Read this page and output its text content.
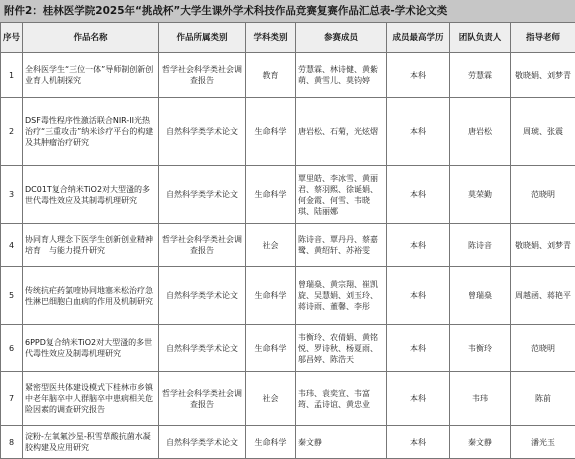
附件2：桂林医学院2025年“挑战杯”大学生课外学术科技作品竞赛复赛作品汇总表-学术论文类
序号	作品名称	作品所属类别	学科类别	参赛成员	成员最高学历	团队负责人	指导老师
1	全科医学生“三位一体”导师制创新创业育人机制探究	哲学社会科学类社会调查报告	教育	劳慧霖、林诗健、黄紫萌、黄雪儿、莫钧婷	本科	劳慧霖	敬晓娟、刘梦青
2	DSF毒性程序性激活联合NIR-II光热治疗“三重攻击”纳米诊疗平台的构建及其肿瘤治疗研究	自然科学类学术论文	生命科学	唐岩松、石菊，光炫熠	本科	唐岩松	周琥、张震
3	DC01T复合纳米TiO2对大型溞的多世代毒性效应及其制毒机理研究	自然科学类学术论文	生命科学	覃里皓、李冰雪、黄丽君、蔡羽熙、徐诞娟、何金霞、何雪、韦晓琪、陆丽娜	本科	莫荣勤	范晓明
4	协同育人理念下医学生创新创业精神培育　与能力提升研究	哲学社会科学类社会调查报告	社会	陈诗音、覃丹丹、蔡嘉鹭、黄绍轩、苏裕雯	本科	陈诗音	敬晓娟、刘梦青
5	传统抗疟药氯喹协同地塞米松治疗急性淋巴细胞白血病的作用及机制研究	自然科学类学术论文	生命科学	曾瑞燊、黄宗翔、崔凯旋、吴慧娟、刘玉玲、蒋诗雨、董馨、李彤	本科	曾瑞燊	周越函、蒋艳平
6	6PPD复合纳米TiO2对大型溞的多世代毒性效应及制毒机理研究	自然科学类学术论文	生命科学	韦衡玲、农倩娟、黄铭悦、罗诗秋、杨夏雨、邬昌婷、陈浩天	本科	韦衡玲	范晓明
7	紧密型医共体建设模式下桂林市乡镇中老年脑卒中人群脑卒中患病相关危险因素的调查研究报告	哲学社会科学类社会调查报告	社会	韦玮、袁奕宣、韦富筠、孟诗谊、黄忠业	本科	韦玮	陈前
8	淀粉-左氧氟沙星-积雪草酸抗菌水凝胶构建及应用研究	自然科学类学术论文	生命科学	秦文静	本科	秦文静	潘光玉
